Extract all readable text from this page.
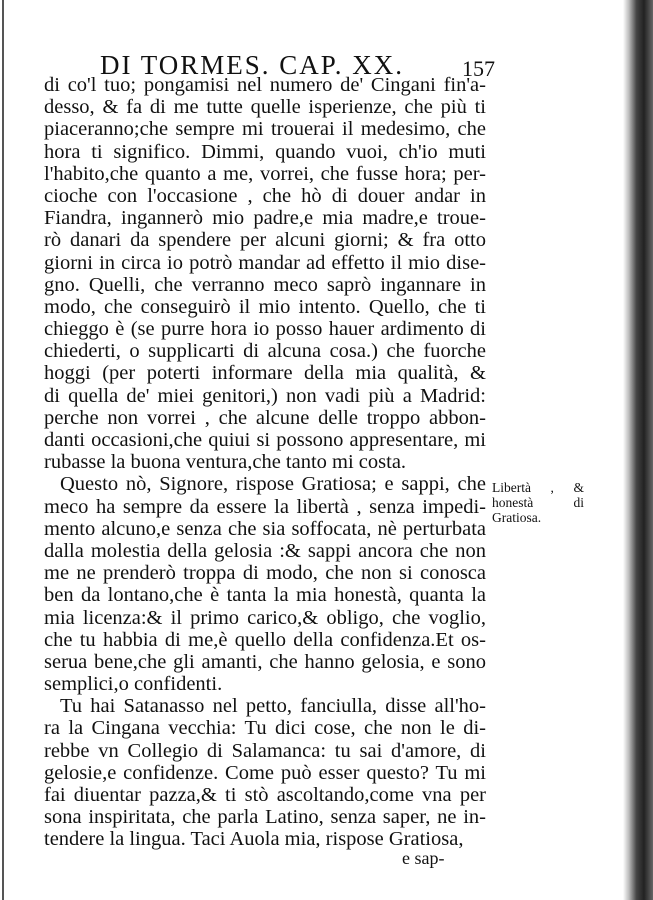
DI TORMES. CAP. XX.	157
di co'l tuo; pongamisi nel numero de' Cingani fin'a-
desso, & fa di me tutte quelle isperienze, che più ti
piaceranno;che sempre mi trouerai il medesimo, che
hora ti significo. Dimmi, quando vuoi, ch'io muti
l'habito,che quanto a me, vorrei, che fusse hora; per-
cioche con l'occasione , che hò di douer andar in
Fiandra, ingannerò mio padre,e mia madre,e troue-
rò danari da spendere per alcuni giorni; & fra otto
giorni in circa io potrò mandar ad effetto il mio dise-
gno. Quelli, che verranno meco saprò ingannare in
modo, che conseguirò il mio intento. Quello, che ti
chieggo è (se purre hora io posso hauer ardimento di
chiederti, o supplicarti di alcuna cosa.) che fuorche
hoggi (per poterti informare della mia qualità, &
di quella de' miei genitori,) non vadi più a Madrid:
perche non vorrei , che alcune delle troppo abbon-
danti occasioni,che quiui si possono appresentare, mi
rubasse la buona ventura,che tanto mi costa.
Questo nò, Signore, rispose Gratiosa; e sappi, che
meco ha sempre da essere la libertà , senza impedi-
mento alcuno,e senza che sia soffocata, nè perturbata
dalla molestia della gelosia :& sappi ancora che non
me ne prenderò troppa di modo, che non si conosca
ben da lontano,che è tanta la mia honestà, quanta la
mia licenza:& il primo carico,& obligo, che voglio,
che tu habbia di me,è quello della confidenza.Et os-
serua bene,che gli amanti, che hanno gelosia, e sono
semplici,o confidenti.
Tu hai Satanasso nel petto, fanciulla, disse all'ho-
ra la Cingana vecchia: Tu dici cose, che non le di-
rebbe vn Collegio di Salamanca: tu sai d'amore, di
gelosie,e confidenze. Come può esser questo? Tu mi
fai diuentar pazza,& ti stò ascoltando,come vna per
sona inspiritata, che parla Latino, senza saper, ne in-
tendere la lingua. Taci Auola mia, rispose Gratiosa,
Libertà , &
honestà di
Gratiosa.
e sap-
